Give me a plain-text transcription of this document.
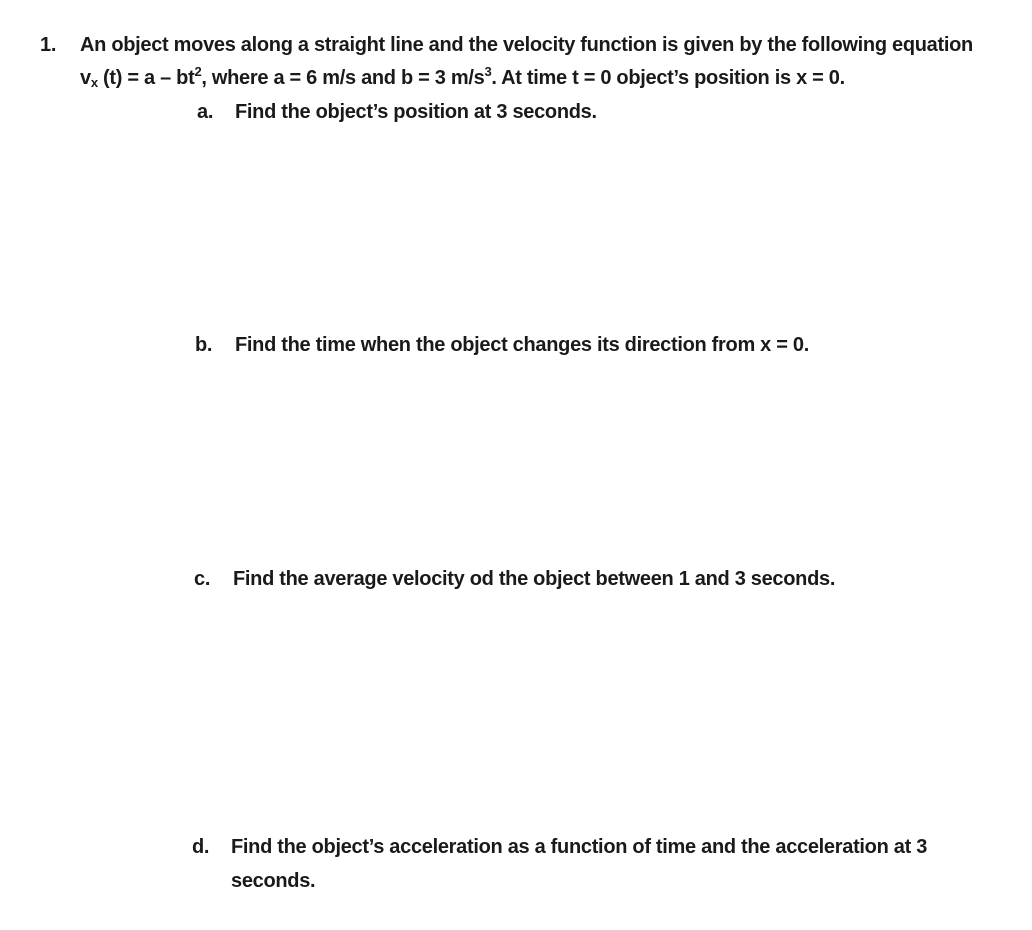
1. An object moves along a straight line and the velocity function is given by the following equation
vx $(t) = a - bt^2$, where a = 6 m/s and b = 3 $m/s^3$. At time t = 0 object’s position is x = 0.
a. Find the object’s position at 3 seconds.
b. Find the time when the object changes its direction from x = 0.
c. Find the average velocity od the object between 1 and 3 seconds.
d. Find the object’s acceleration as a function of time and the acceleration at 3
seconds.
